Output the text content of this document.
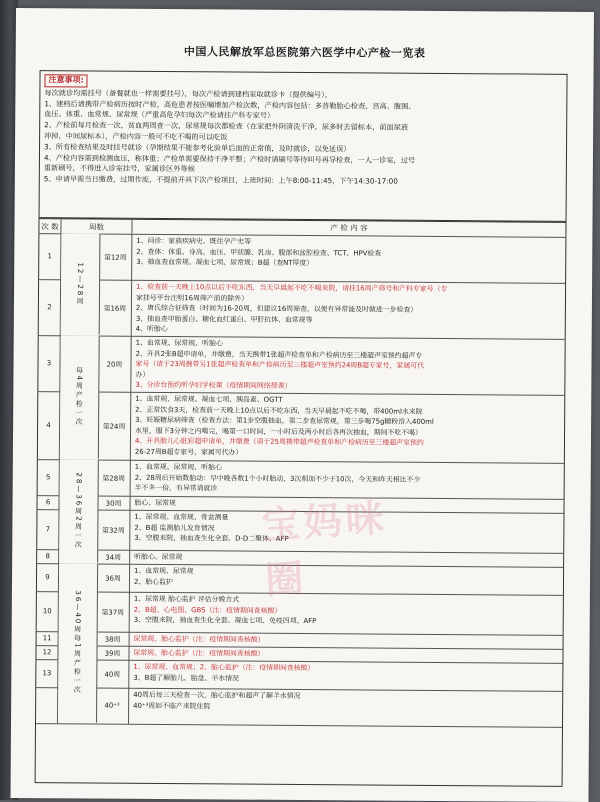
中国人民解放军总医院第六医学中心产检一览表
注意事项:

每次就诊均需挂号（备餐就也一样需要挂号），每次产检请到建档室取就诊卡（提供编号），

1、建档后请携带产检病历按时产检，高危患者按医嘱增加产检次数，产检内容包括：多普勒胎心检查、宫高、腹围、

血压、体重、血常规、尿常规（严重高危孕妇每次产检请挂产科专家号）

2、产检前每月检查一次，贫血两周查一次，尿常规每次都检查（在家把外阴清洗干净，尿多时去留标本，前面尿液

冲掉，中间尿标本），产检内容一般可不吃不喝的可以吃饭

3、所有检查结果及时挂号就诊（孕期结果不能参考化验单后面的正常值，及时就诊，以免延误）

4、产检内容需到检测血压，称体重；产检单需要保持干净平整；产检时请刷号等待叫号再导检查，一人一诊室，过号

重新刷号，不得进入诊室挂号，家属诊区外等候

5、申请早需当日缴费，过期作废，不提前开具下次产检项目，上班时间：上午8:00-11:45，下午14:30-17:00

次 数	周数	产 检 内 容
1	第12周
1、问诊：家族疾病史、既往孕产史等
2、查体：体重、身高、血压、甲状腺、乳房、腹部和盆腔检查、TCT、HPV检查
3、抽血查血常规、凝血七项、尿常规；B超（查NT厚度）
2	第16周
1、检查前一天晚上10点以后不吃东西，当天早晨起不吃不喝来院，请挂16周产筛号和产科专家号（专
家挂号平台注明16周筛产前的除外）
2、唐氏综合征筛查（时间为16-20周，但建议16周筛查，以便有异常能及时做进一步检查）
3、抽血查甲胎蛋白、糖化血红蛋白、甲肝抗体、血常规等
4、听胎心
3	20周
1、血常规、尿常规、听胎心
2、开具2张B超申请单，并缴费，当天携带1张超声检查单和产检病历至三楼超声室预约超声专
家号（请于23周携带另1张超声检查单和产检病历至三楼超声室预约24周B超专家号，家属可代
办）
3、分诊台预约听孕妇学校课（疫情期间网络授课）
4	第24周
1、血常规、尿常规、凝血七项、胰岛素、OGTT
2、正常饮食3天，检查前一天晚上10点以后不吃东西，当天早晨起不吃不喝，带400ml水来院
3、妊娠糖尿病筛查（检查方法：第1步空腹抽血，第二步查尿常规，第三步喝75g糖粉溶入400ml
水里，服下3分钟之内喝完，喝第一口时间，一小时后及两小时后各再次抽血，期间不吃不喝）
4、开具胎儿心脏彩超申请单，并缴费（请于25周携带超声检查单和产检病历至三楼超声室预约
26-27周B超专家号，家属可代办）
5	第28周
1、血常规、尿常规、听胎心
2、28周后开始数胎动：早中晚各数1个小时胎动，3次相加不少于10次，今天和昨天相比不少
半不多一倍，有异常请就诊
6	30周	胎心、尿常规
7	第32周
1、尿常规、血常规、骨盆测量
2、B超 监测胎儿发育情况
3、空腹来院，抽血查生化全套、D-D二聚体、AFP
8	34周	听胎心、尿常规
9	36周
1、血常规、尿常规
2、胎心监护
10	第37周
1、尿常规 胎心监护 评估分娩方式
2、B超、心电图、GBS（注：疫情期间查核酸）
3、空腹来院，抽血查生化全套、凝血七项、免疫四项、AFP
11	38周	尿常规、胎心监护（注：疫情期间查核酸）
12	39周	尿常规、胎心监护（注：疫情期间查核酸）
13	40周
1、尿常规、血常规；2、胎心监护（注：疫情期间查核酸）
3、B超了解胎儿、胎盘、羊水情况
40⁺³
40周后每三天检查一次，胎心监护和超声了解羊水情况
40⁺³周如不临产来院住院
12—28周
每4周产检一次
28—36周2周一次
36—40周每1周产检一次
宝妈咪圈
